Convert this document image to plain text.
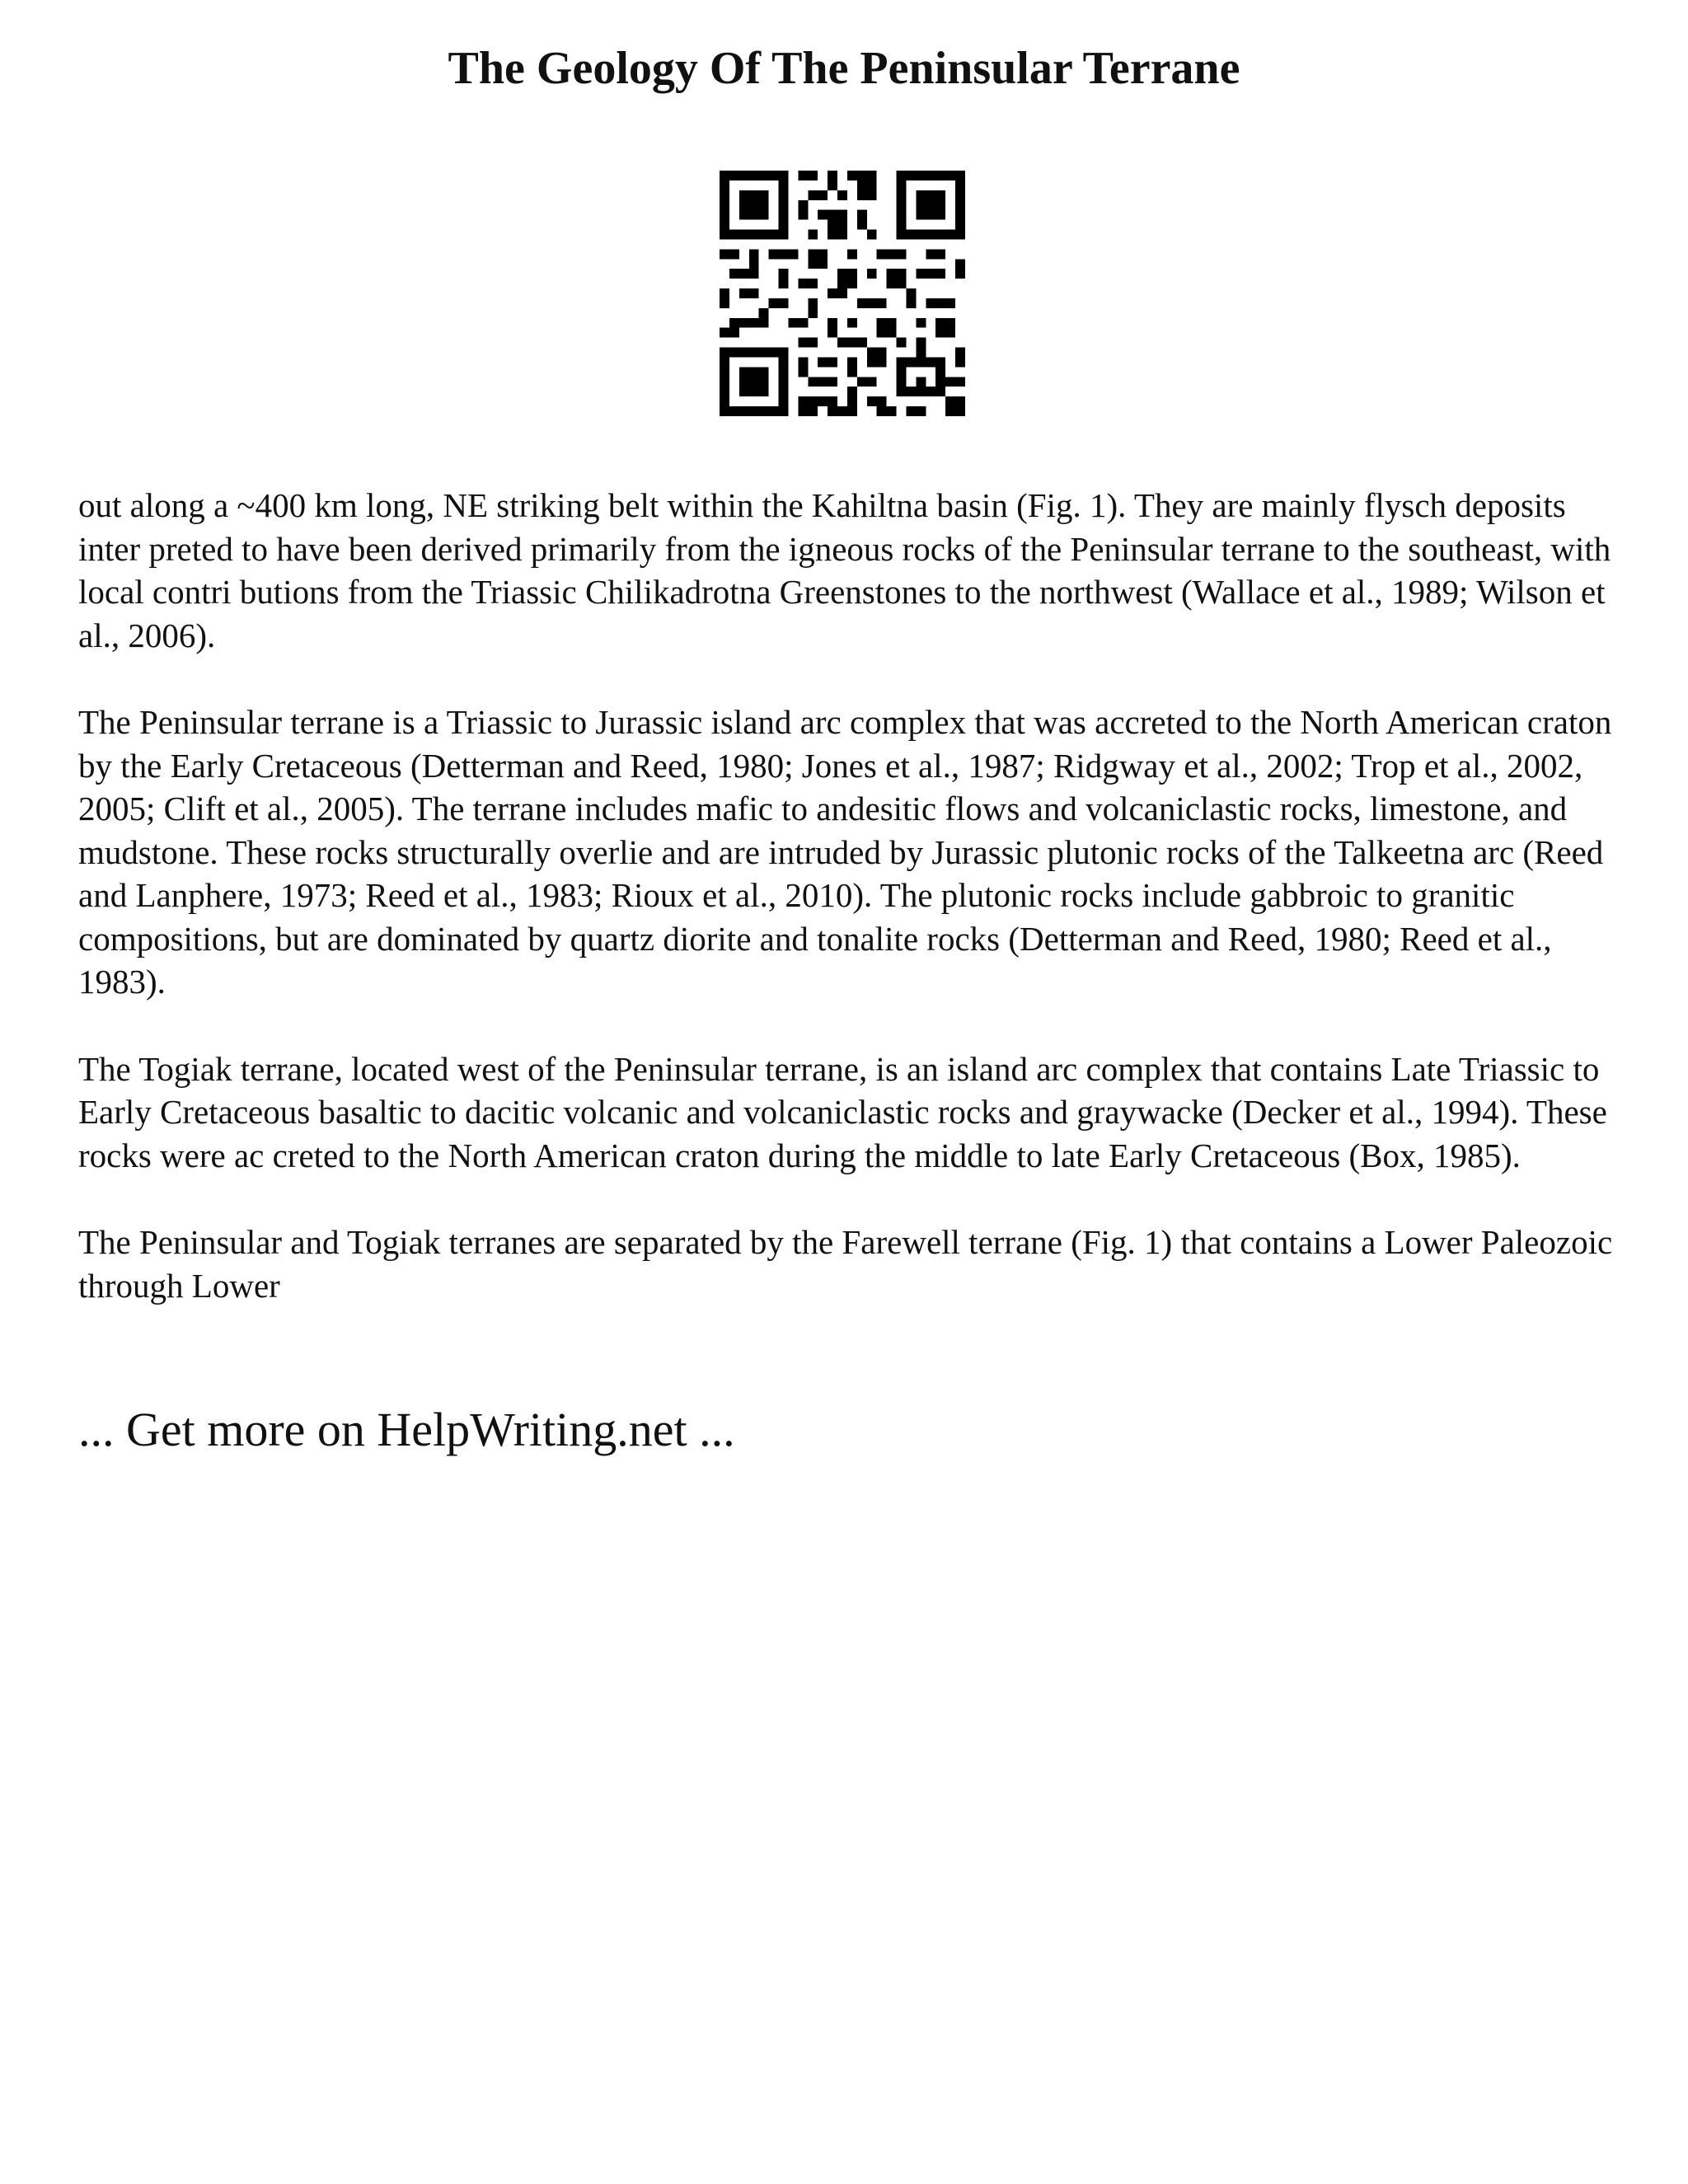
The Geology Of The Peninsular Terrane

out along a ~400 km long, NE striking belt within the Kahiltna basin (Fig. 1). They are mainly flysch deposits inter preted to have been derived primarily from the igneous rocks of the Peninsular terrane to the southeast, with local contri butions from the Triassic Chilikadrotna Greenstones to the northwest (Wallace et al., 1989; Wilson et al., 2006).

The Peninsular terrane is a Triassic to Jurassic island arc complex that was accreted to the North American craton by the Early Cretaceous (Detterman and Reed, 1980; Jones et al., 1987; Ridgway et al., 2002; Trop et al., 2002, 2005; Clift et al., 2005). The terrane includes mafic to andesitic flows and volcaniclastic rocks, limestone, and mudstone. These rocks structurally overlie and are intruded by Jurassic plutonic rocks of the Talkeetna arc (Reed and Lanphere, 1973; Reed et al., 1983; Rioux et al., 2010). The plutonic rocks include gabbroic to granitic compositions, but are dominated by quartz diorite and tonalite rocks (Detterman and Reed, 1980; Reed et al., 1983).

The Togiak terrane, located west of the Peninsular terrane, is an island arc complex that contains Late Triassic to Early Cretaceous basaltic to dacitic volcanic and volcaniclastic rocks and graywacke (Decker et al., 1994). These rocks were ac creted to the North American craton during the middle to late Early Cretaceous (Box, 1985).

The Peninsular and Togiak terranes are separated by the Farewell terrane (Fig. 1) that contains a Lower Paleozoic through Lower

... Get more on HelpWriting.net ...
